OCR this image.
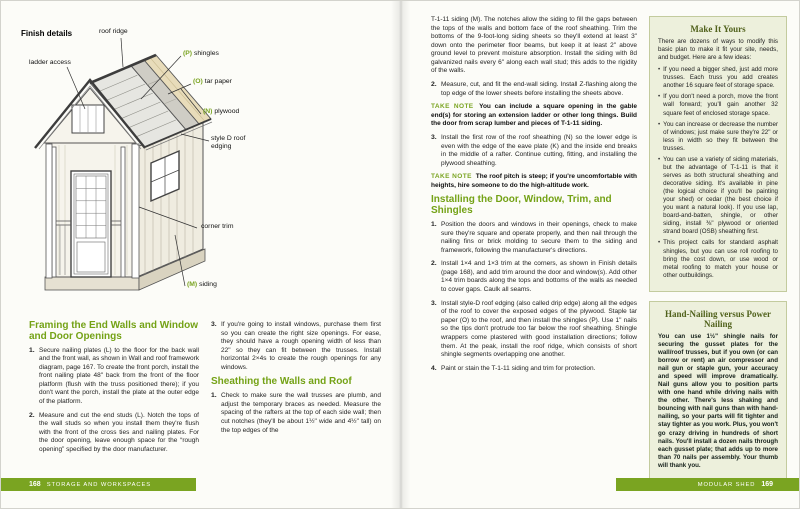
Finish details	roof ridge
ladder access
(P) shingles
(O) tar paper
(N) plywood
style D roof edging
corner trim
(M) siding
Framing the End Walls and Window and Door Openings
1. Secure nailing plates (L) to the floor for the back wall and the front wall, as shown in Wall and roof framework diagram, page 167. To create the front porch, install the front nailing plate 48" back from the front of the floor platform (flush with the truss positioned there); if you don't want the porch, install the plate at the outer edge of the platform.

2. Measure and cut the end studs (L). Notch the tops of the wall studs so when you install them they're flush with the front of the cross ties and nailing plates. For the door opening, leave enough space for the “rough opening” specified by the door manufacturer.

3. If you're going to install windows, purchase them first so you can create the right size openings. For ease, they should have a rough opening width of less than 22" so they can fit between the trusses. Install horizontal 2×4s to create the rough openings for any windows.

Sheathing the Walls and Roof
1. Check to make sure the wall trusses are plumb, and adjust the temporary braces as needed. Measure the spacing of the rafters at the top of each side wall; then cut notches (they'll be about 1½" wide and 4½" tall) on the top edges of the

168 STORAGE AND WORKSPACES

T-1-11 siding (M). The notches allow the siding to fill the gaps between the tops of the walls and bottom face of the roof sheathing. Trim the bottoms of the 9-foot-long siding sheets so they'll extend at least 3" down onto the perimeter floor beams, but keep it at least 2" above ground level to prevent moisture absorption. Install the siding with 8d galvanized nails every 6" along each wall stud; this adds to the rigidity of the walls.

2. Measure, cut, and fit the end-wall siding. Install Z-flashing along the top edge of the lower sheets before installing the sheets above.

TAKE NOTE You can include a square opening in the gable end(s) for storing an extension ladder or other long things. Build the door from scrap lumber and pieces of T-1-11 siding.

3. Install the first row of the roof sheathing (N) so the lower edge is even with the edge of the eave plate (K) and the inside end breaks in the middle of a rafter. Continue cutting, fitting, and installing the plywood sheathing.

TAKE NOTE The roof pitch is steep; if you're uncomfortable with heights, hire someone to do the high-altitude work.

Installing the Door, Window, Trim, and Shingles
1. Position the doors and windows in their openings, check to make sure they're square and operate properly, and then nail through the nailing fins or brick molding to secure them to the siding and framework, following the manufacturer's directions.

2. Install 1×4 and 1×3 trim at the corners, as shown in Finish details (page 168), and add trim around the door and window(s). Add other 1×4 trim boards along the tops and bottoms of the walls as needed to cover gaps. Caulk all seams.

3. Install style-D roof edging (also called drip edge) along all the edges of the roof to cover the exposed edges of the plywood. Staple tar paper (O) to the roof, and then install the shingles (P). Use 1" nails so the tips don't protrude too far below the roof sheathing. Shingle wrappers come plastered with good installation directions; follow them. At the peak, install the roof ridge, which consists of short shingle segments overlapping one another.

4. Paint or stain the T-1-11 siding and trim for protection.

Make It Yours

There are dozens of ways to modify this basic plan to make it fit your site, needs, and budget. Here are a few ideas:

• If you need a bigger shed, just add more trusses. Each truss you add creates another 16 square feet of storage space.
• If you don't need a porch, move the front wall forward; you'll gain another 32 square feet of enclosed storage space.
• You can increase or decrease the number of windows; just make sure they're 22" or less in width so they fit between the trusses.
• You can use a variety of siding materials, but the advantage of T-1-11 is that it serves as both structural sheathing and decorative siding. It's available in pine (the logical choice if you'll be painting your shed) or cedar (the best choice if you want a natural look). If you use lap, board-and-batten, shingle, or other siding, install ⅜" plywood or oriented strand board (OSB) sheathing first.
• This project calls for standard asphalt shingles, but you can use roll roofing to bring the cost down, or use wood or metal roofing to match your house or other outbuildings.
Hand-Nailing versus Power Nailing

You can use 1½" shingle nails for securing the gusset plates for the wall/roof trusses, but if you own (or can borrow or rent) an air compressor and nail gun or staple gun, your accuracy and speed will improve dramatically. Nail guns allow you to position parts with one hand while driving nails with the other. There's less shaking and bouncing with nail guns than with hand-nailing, so your parts will fit tighter and stay tighter as you work. Plus, you won't go crazy driving in hundreds of short nails. You'll install a dozen nails through each gusset plate; that adds up to more than 70 nails per assembly. Your thumb will thank you.

MODULAR SHED 169
